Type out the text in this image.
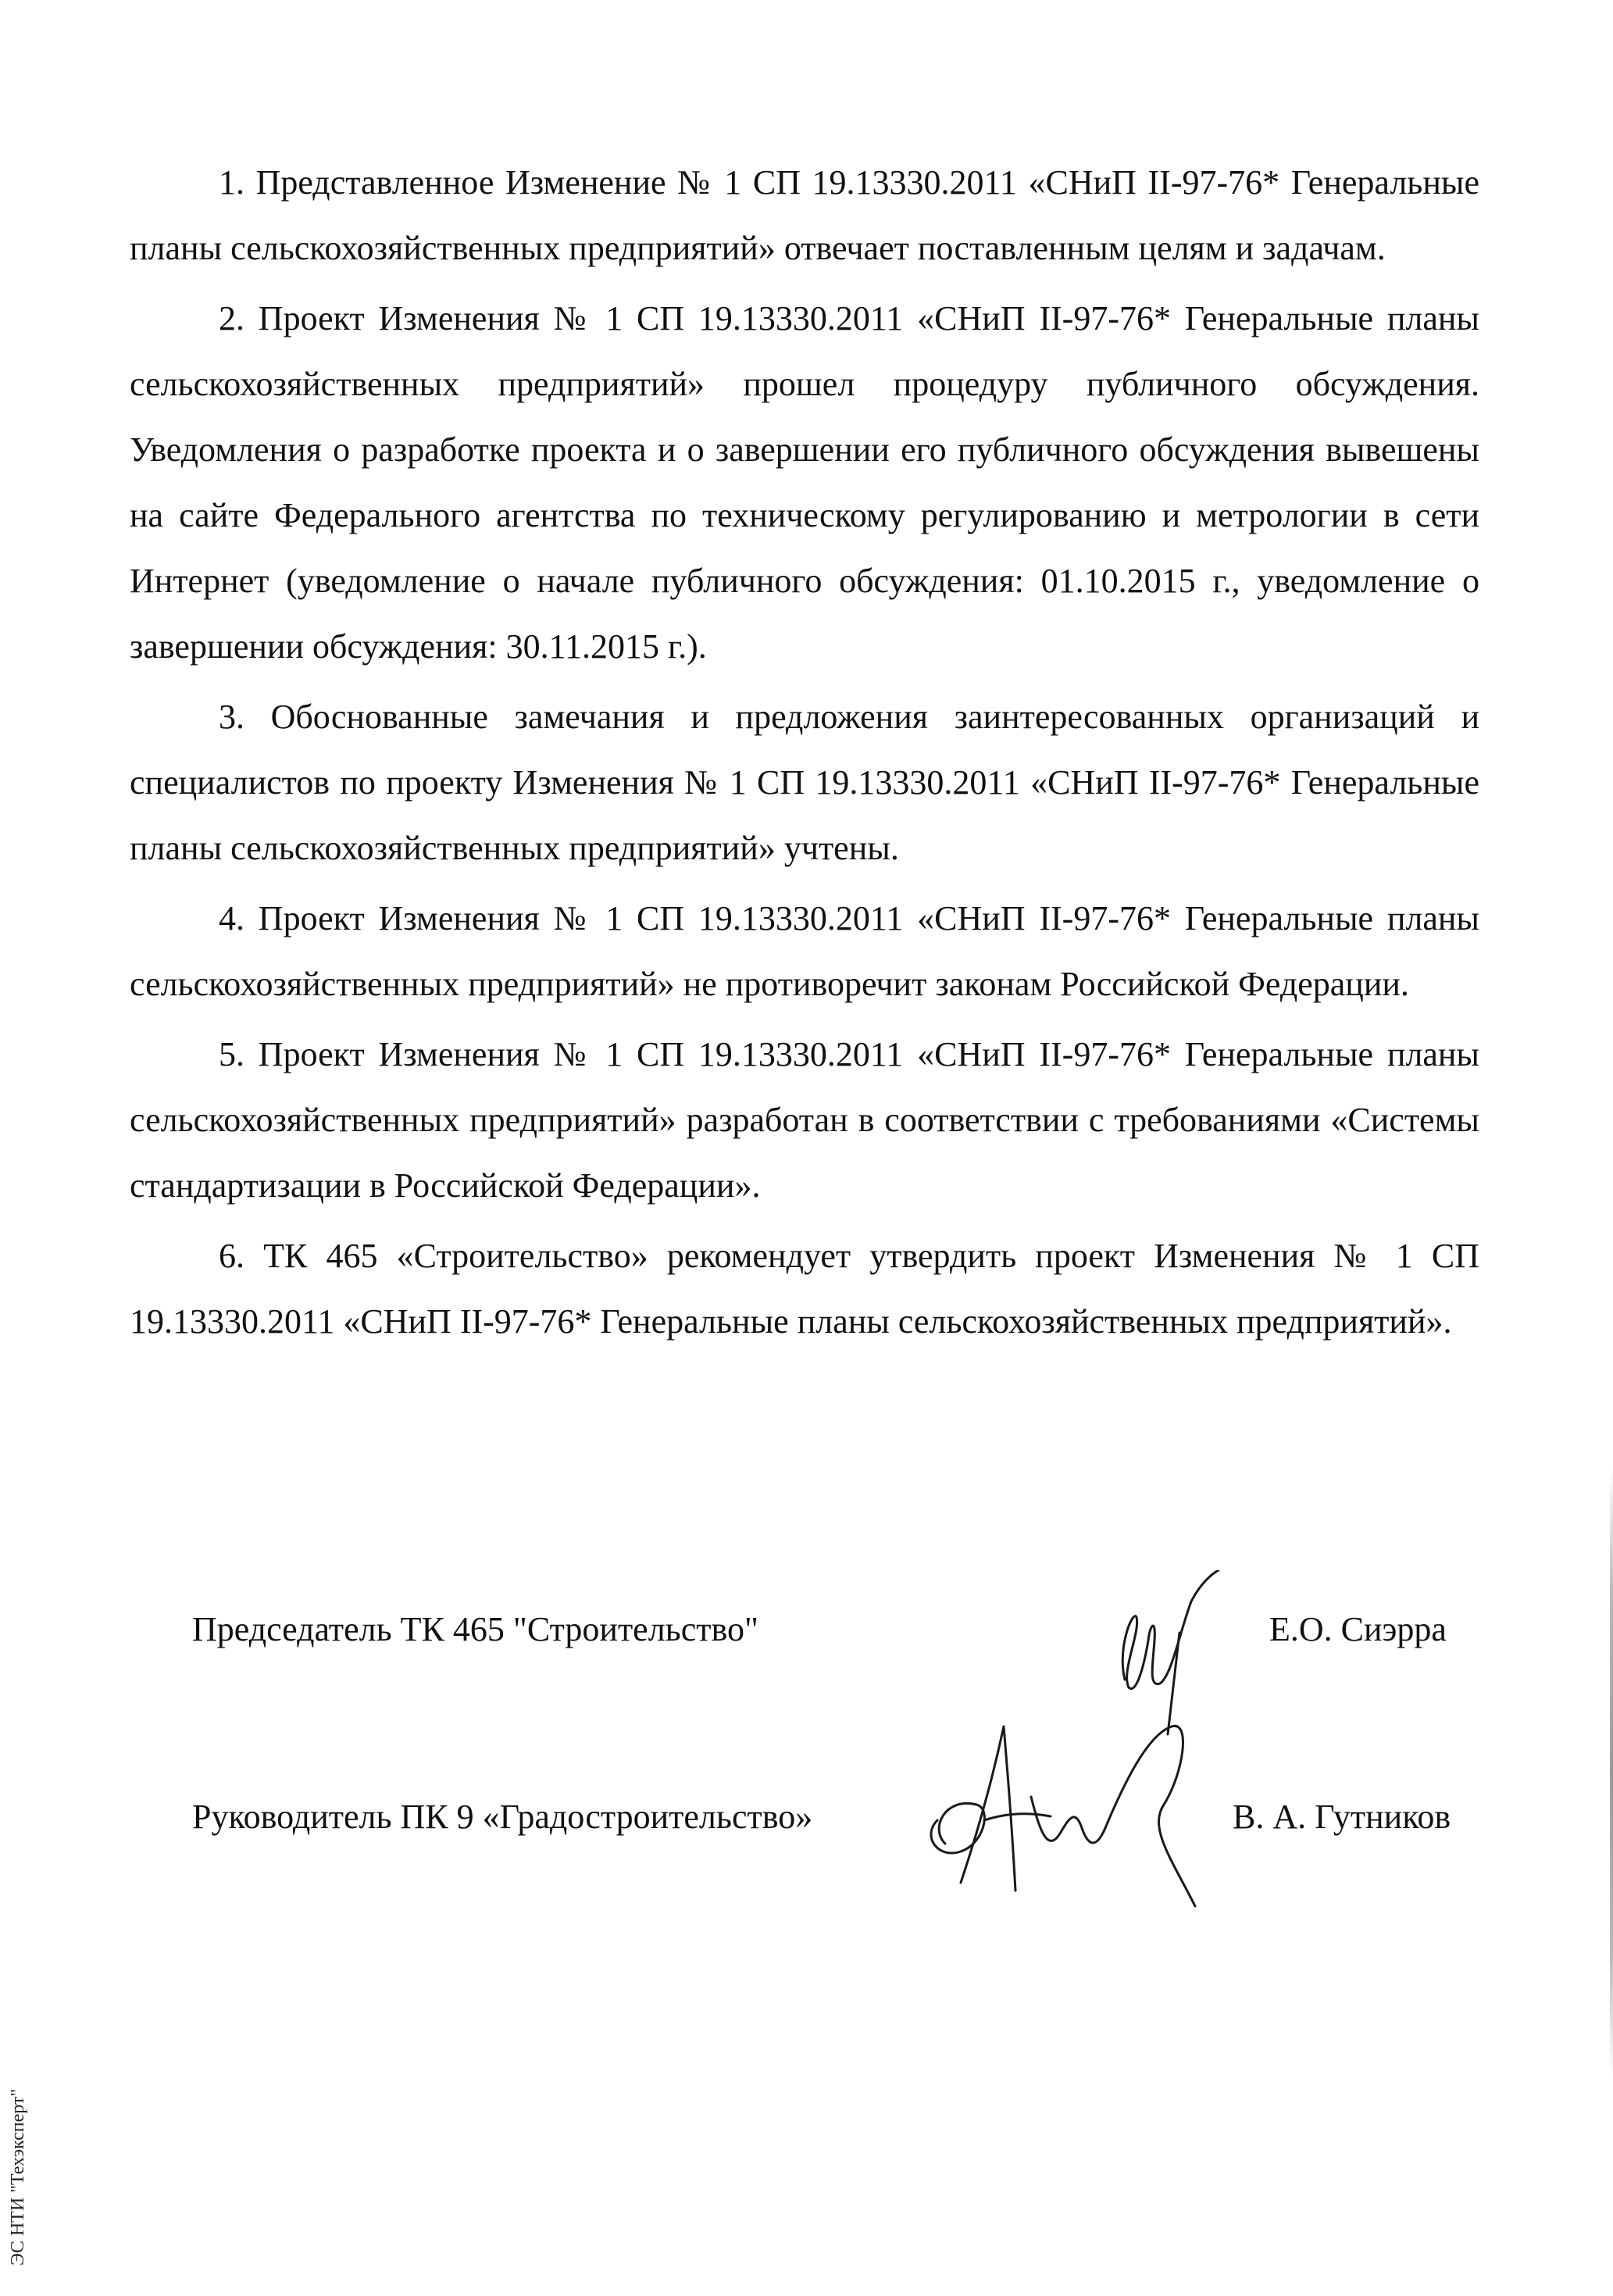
1. Представленное Изменение № 1 СП 19.13330.2011 «СНиП II-97-76* Генеральные планы сельскохозяйственных предприятий» отвечает поставленным целям и задачам.

2. Проект Изменения № 1 СП 19.13330.2011 «СНиП II-97-76* Генеральные планы сельскохозяйственных предприятий» прошел процедуру публичного обсуждения. Уведомления о разработке проекта и о завершении его публичного обсуждения вывешены на сайте Федерального агентства по техническому регулированию и метрологии в сети Интернет (уведомление о начале публичного обсуждения: 01.10.2015 г., уведомление о завершении обсуждения: 30.11.2015 г.).

3. Обоснованные замечания и предложения заинтересованных организаций и специалистов по проекту Изменения № 1 СП 19.13330.2011 «СНиП II-97-76* Генеральные планы сельскохозяйственных предприятий» учтены.

4. Проект Изменения № 1 СП 19.13330.2011 «СНиП II-97-76* Генеральные планы сельскохозяйственных предприятий» не противоречит законам Российской Федерации.

5. Проект Изменения № 1 СП 19.13330.2011 «СНиП II-97-76* Генеральные планы сельскохозяйственных предприятий» разработан в соответствии с требованиями «Системы стандартизации в Российской Федерации».

6. ТК 465 «Строительство» рекомендует утвердить проект Изменения № 1 СП 19.13330.2011 «СНиП II-97-76* Генеральные планы сельскохозяйственных предприятий».

Председатель ТК 465 "Строительство"	Е.О. Сиэрра
Руководитель ПК 9 «Градостроительство»	В. А. Гутников
ЭС НТИ "Техэксперт"
